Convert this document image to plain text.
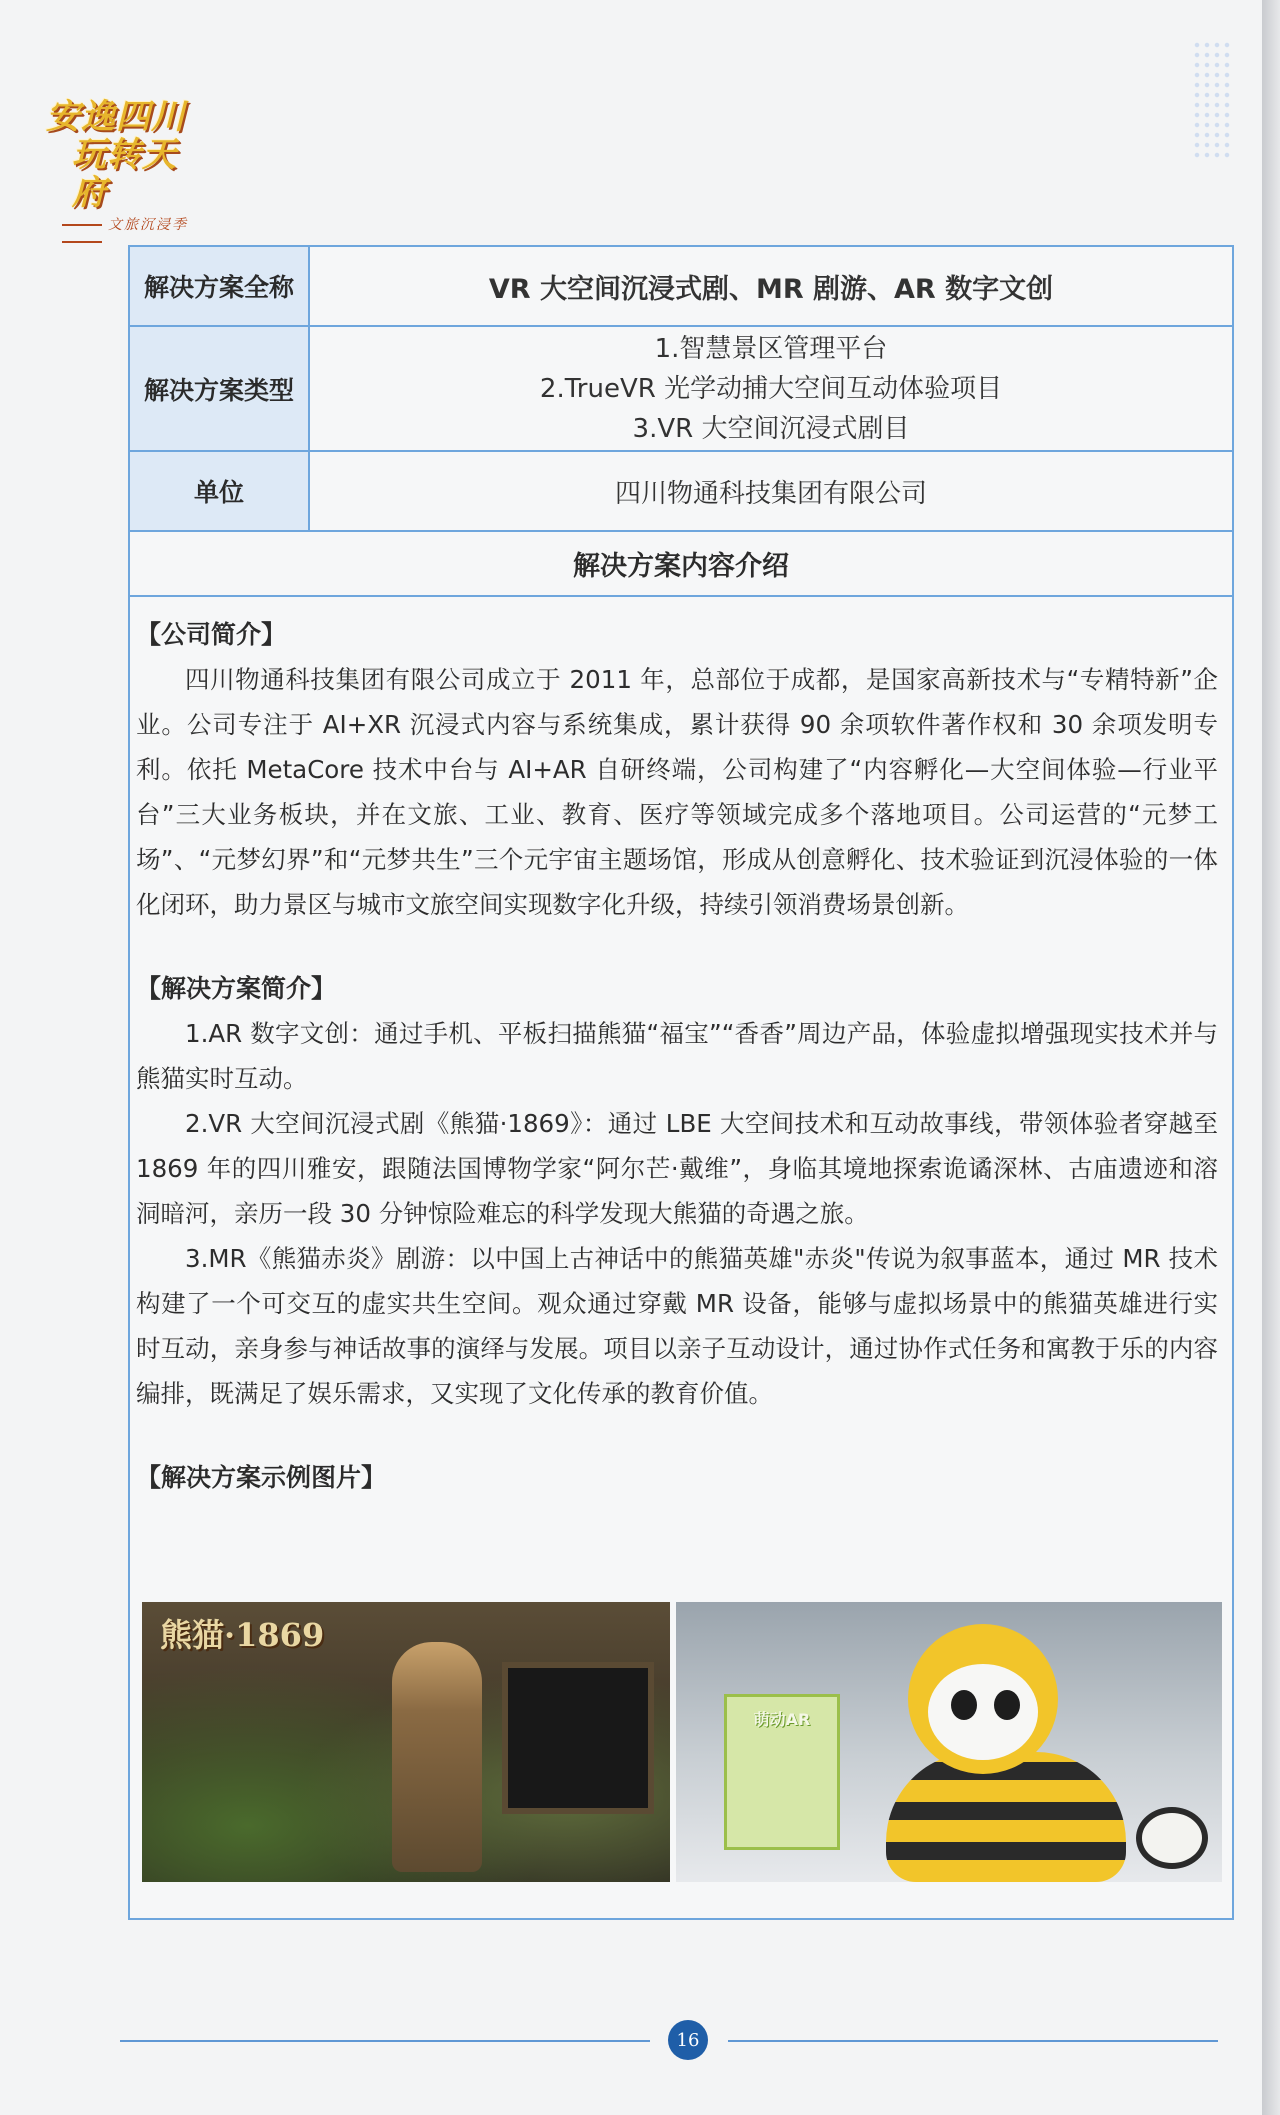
安逸四川
玩转天府
文旅沉浸季
解决方案全称	VR 大空间沉浸式剧、MR 剧游、AR 数字文创
解决方案类型
1.智慧景区管理平台
2.TrueVR 光学动捕大空间互动体验项目
3.VR 大空间沉浸式剧目
单位	四川物通科技集团有限公司
解决方案内容介绍
【公司简介】

四川物通科技集团有限公司成立于 2011 年，总部位于成都，是国家高新技术与“专精特新”企业。公司专注于 AI+XR 沉浸式内容与系统集成，累计获得 90 余项软件著作权和 30 余项发明专利。依托 MetaCore 技术中台与 AI+AR 自研终端，公司构建了“内容孵化—大空间体验—行业平台”三大业务板块，并在文旅、工业、教育、医疗等领域完成多个落地项目。公司运营的“元梦工场”、“元梦幻界”和“元梦共生”三个元宇宙主题场馆，形成从创意孵化、技术验证到沉浸体验的一体化闭环，助力景区与城市文旅空间实现数字化升级，持续引领消费场景创新。

【解决方案简介】

1.AR 数字文创：通过手机、平板扫描熊猫“福宝”“香香”周边产品，体验虚拟增强现实技术并与熊猫实时互动。

2.VR 大空间沉浸式剧《熊猫·1869》：通过 LBE 大空间技术和互动故事线，带领体验者穿越至 1869 年的四川雅安，跟随法国博物学家“阿尔芒·戴维”，身临其境地探索诡谲深林、古庙遗迹和溶洞暗河，亲历一段 30 分钟惊险难忘的科学发现大熊猫的奇遇之旅。

3.MR《熊猫赤炎》剧游：以中国上古神话中的熊猫英雄"赤炎"传说为叙事蓝本，通过 MR 技术构建了一个可交互的虚实共生空间。观众通过穿戴 MR 设备，能够与虚拟场景中的熊猫英雄进行实时互动，亲身参与神话故事的演绎与发展。项目以亲子互动设计，通过协作式任务和寓教于乐的内容编排，既满足了娱乐需求，又实现了文化传承的教育价值。

【解决方案示例图片】
熊猫·1869
萌动AR
16
